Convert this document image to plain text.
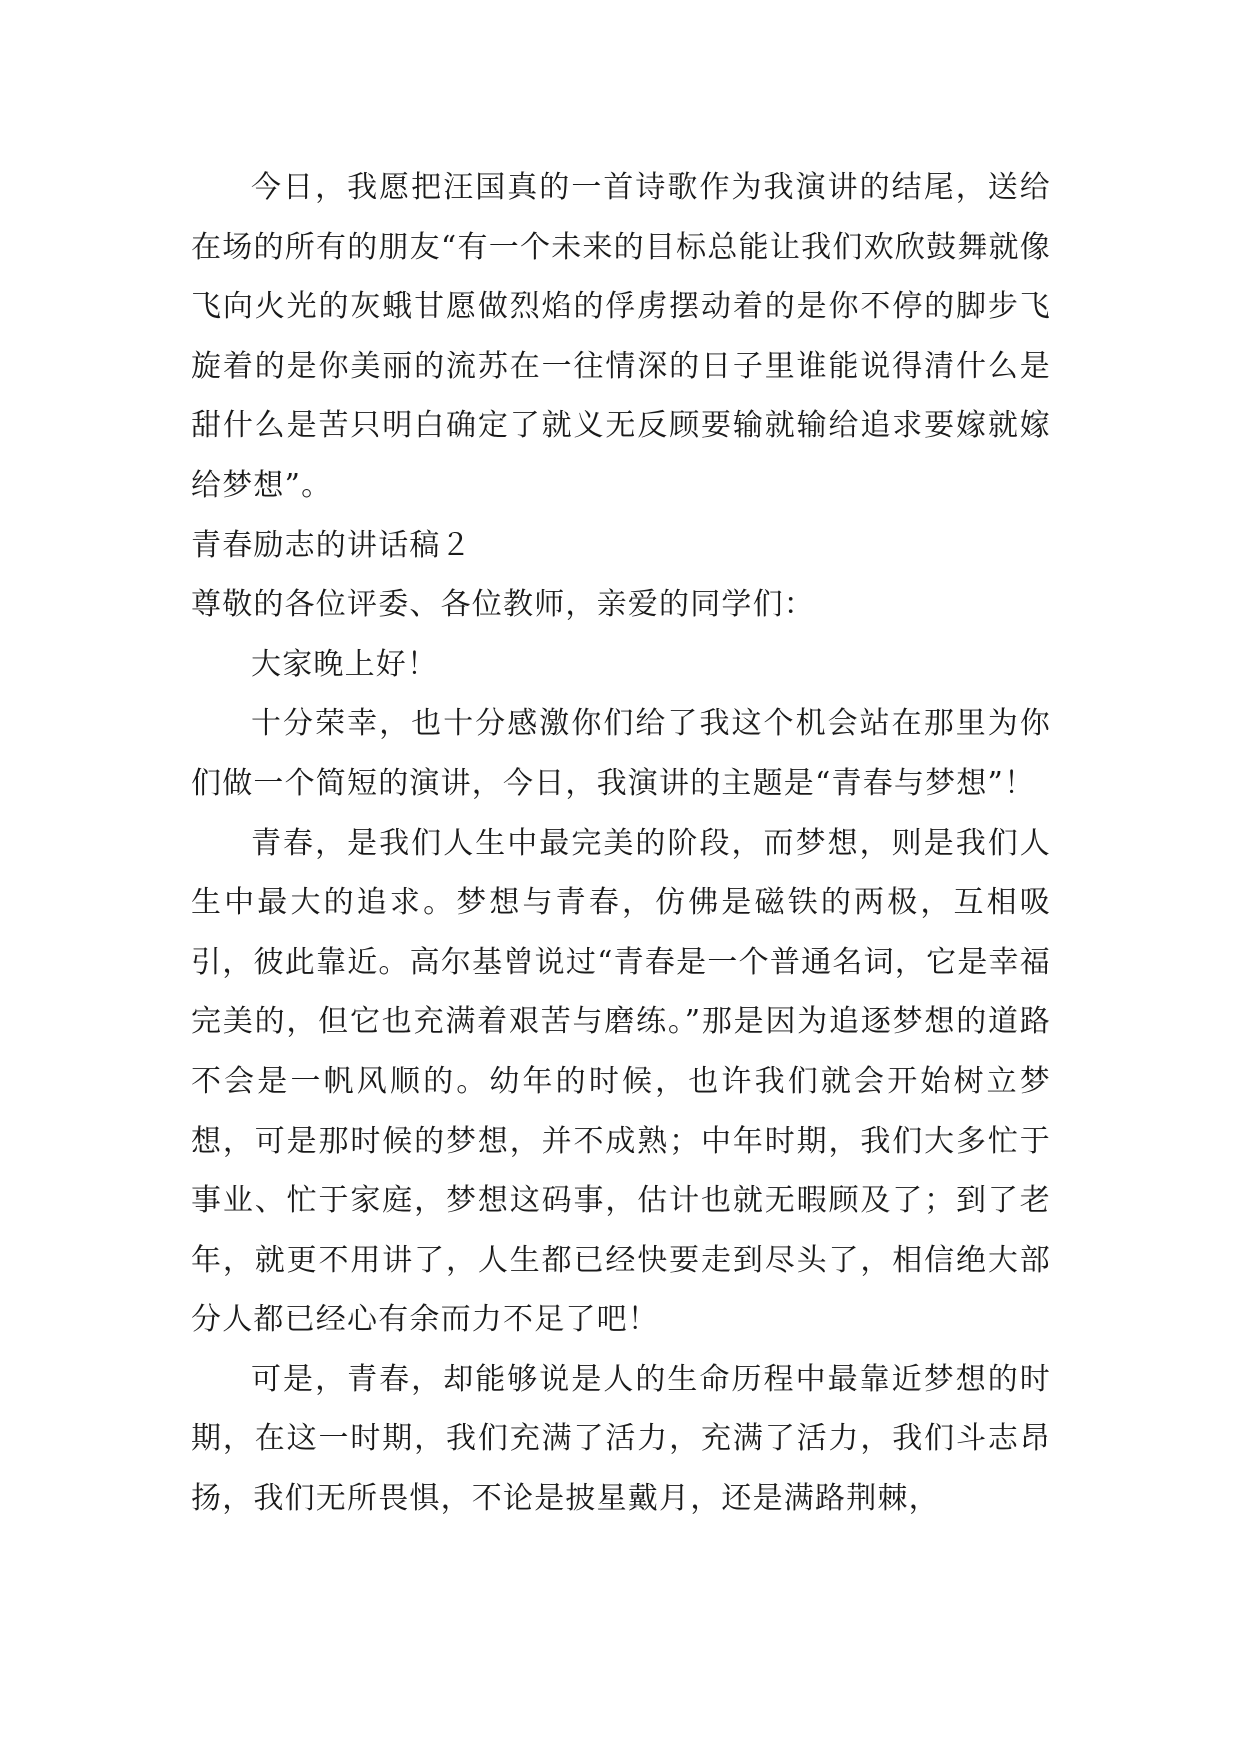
今日，我愿把汪国真的一首诗歌作为我演讲的结尾，送给在场的所有的朋友“有一个未来的目标总能让我们欢欣鼓舞就像飞向火光的灰蛾甘愿做烈焰的俘虏摆动着的是你不停的脚步飞旋着的是你美丽的流苏在一往情深的日子里谁能说得清什么是甜什么是苦只明白确定了就义无反顾要输就输给追求要嫁就嫁给梦想”。

青春励志的讲话稿２

尊敬的各位评委、各位教师，亲爱的同学们：

大家晚上好！

十分荣幸，也十分感激你们给了我这个机会站在那里为你们做一个简短的演讲，今日，我演讲的主题是“青春与梦想”！

青春，是我们人生中最完美的阶段，而梦想，则是我们人生中最大的追求。梦想与青春，仿佛是磁铁的两极，互相吸引，彼此靠近。高尔基曾说过“青春是一个普通名词，它是幸福完美的，但它也充满着艰苦与磨练。”那是因为追逐梦想的道路不会是一帆风顺的。幼年的时候，也许我们就会开始树立梦想，可是那时候的梦想，并不成熟；中年时期，我们大多忙于事业、忙于家庭，梦想这码事，估计也就无暇顾及了；到了老年，就更不用讲了，人生都已经快要走到尽头了，相信绝大部分人都已经心有余而力不足了吧！

可是，青春，却能够说是人的生命历程中最靠近梦想的时期，在这一时期，我们充满了活力，充满了活力，我们斗志昂扬，我们无所畏惧，不论是披星戴月，还是满路荆棘，
